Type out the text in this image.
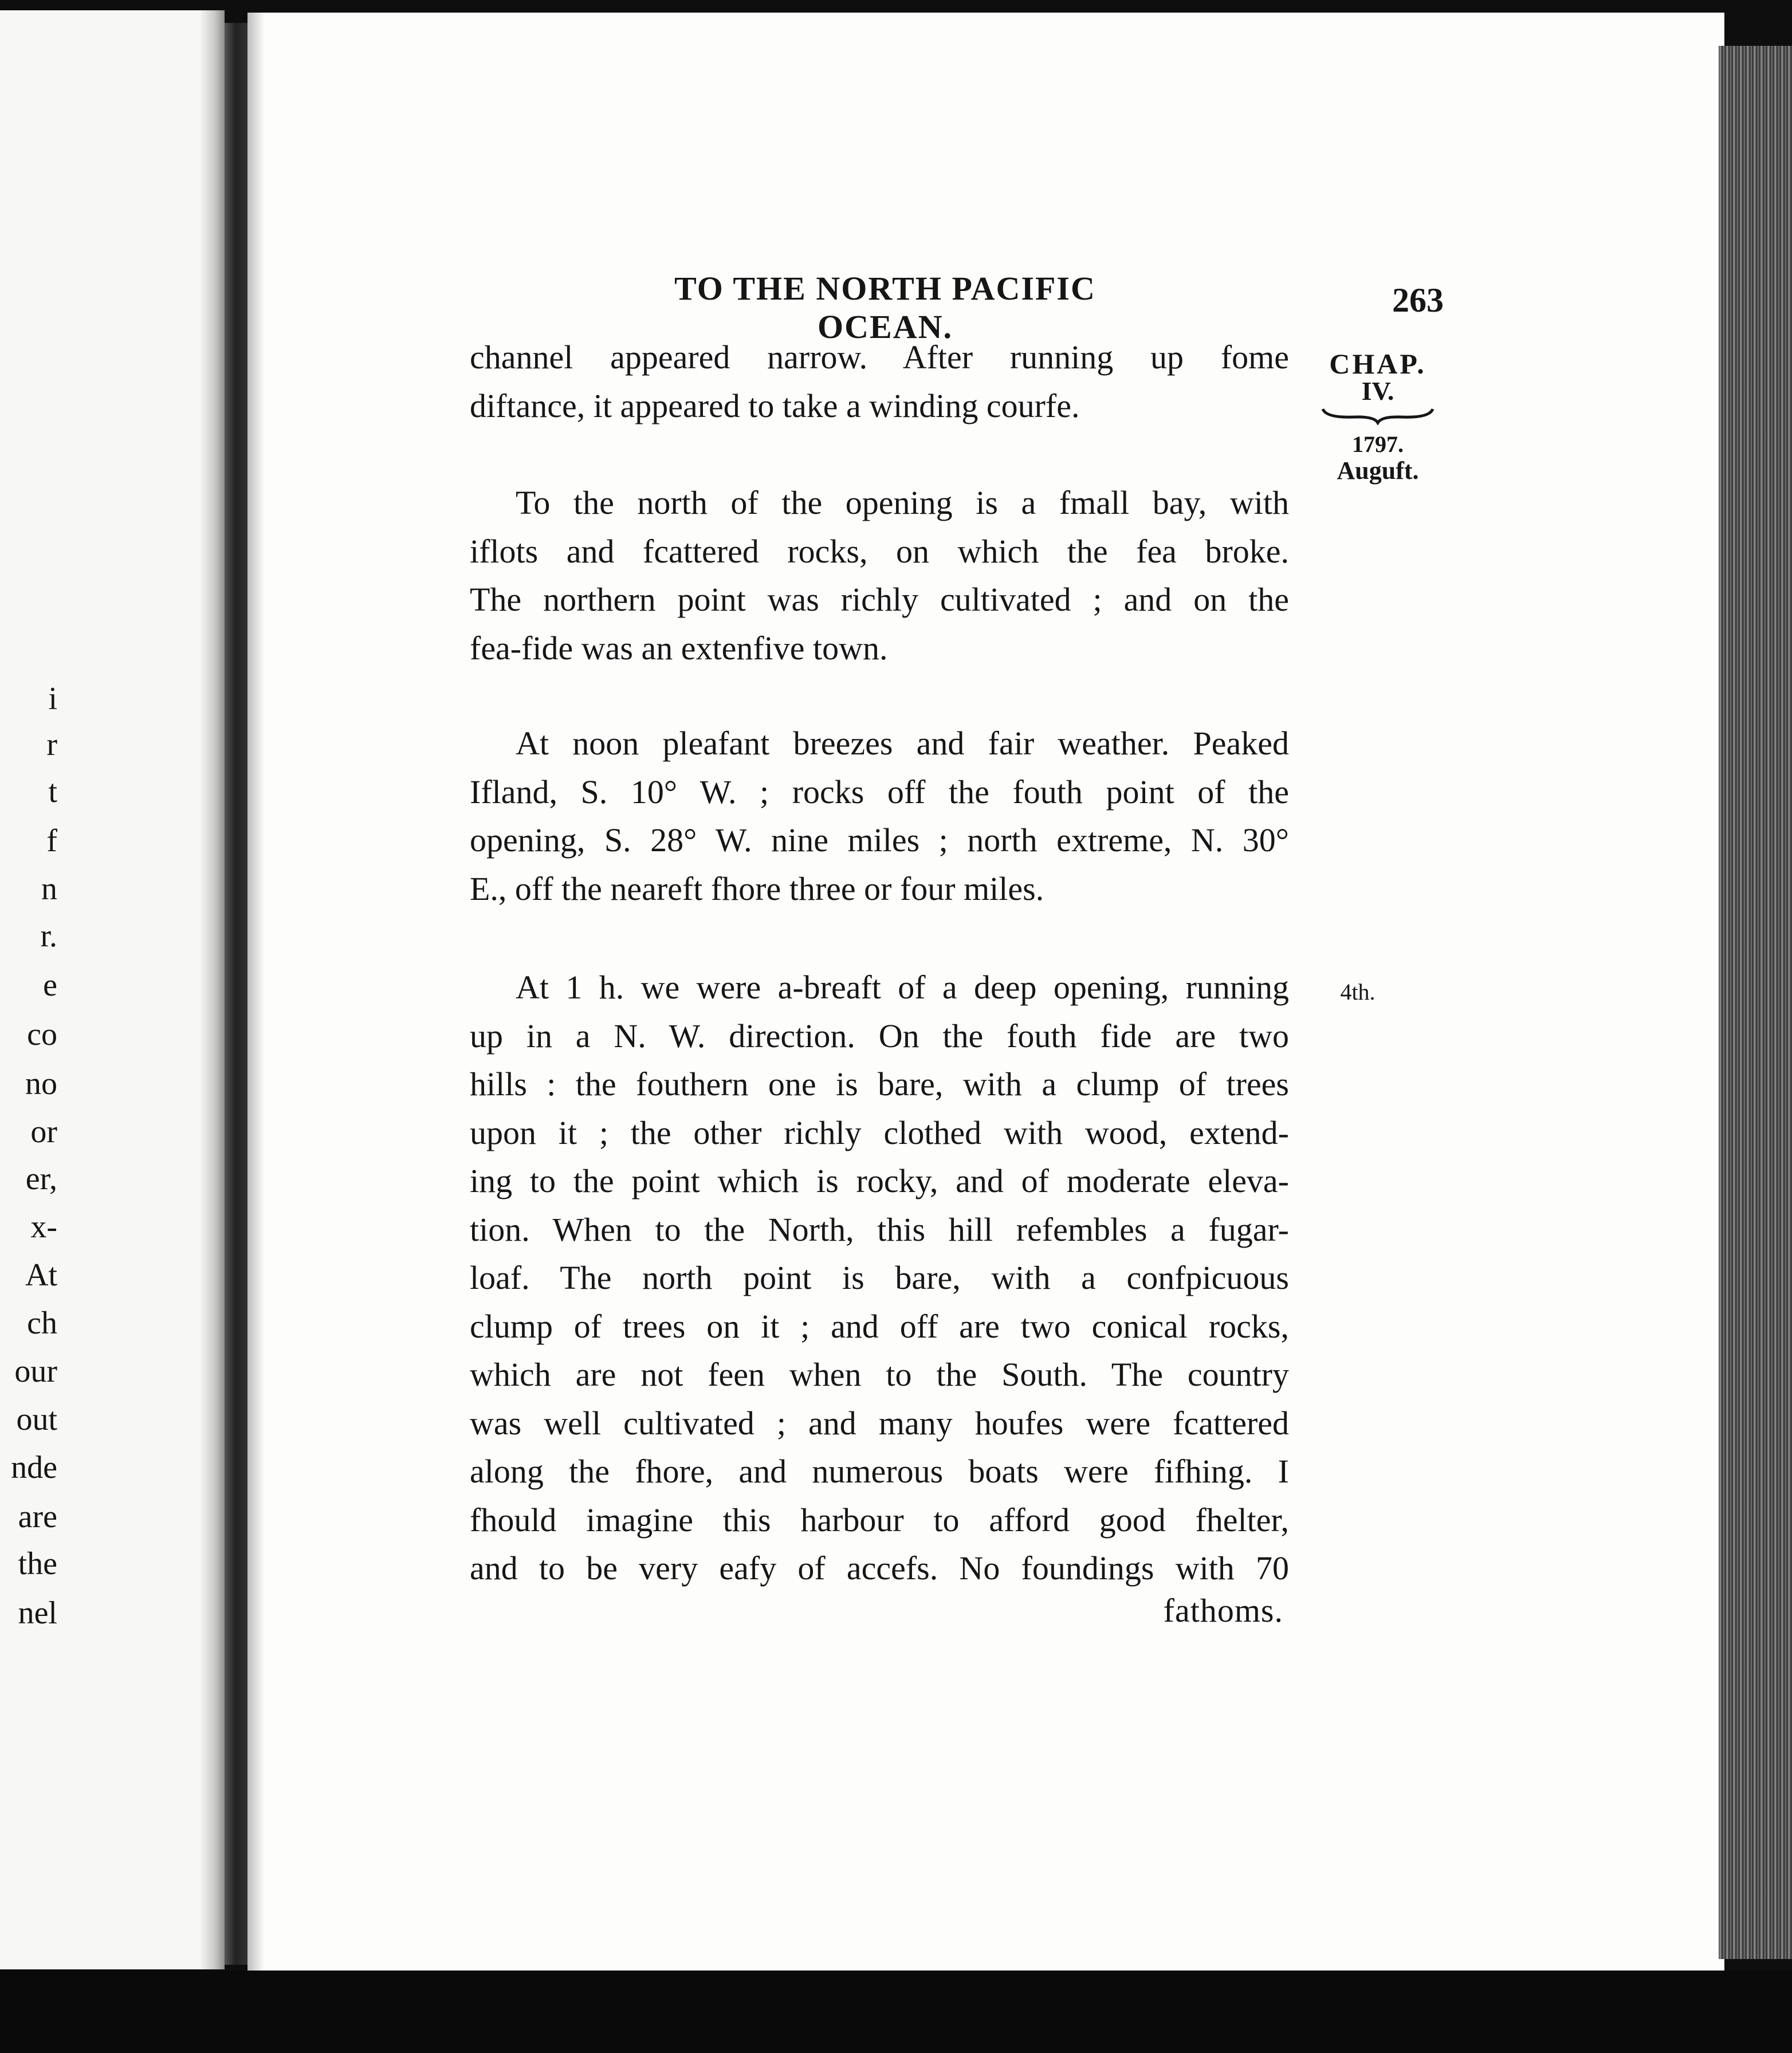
i
r
t
f
n
r.
e
co
no
or
er,
x-
At
ch
our
out
nde
are
the
nel
TO THE NORTH PACIFIC OCEAN.
263
CHAP.
IV.
1797.
Auguft.
4th.
channel appeared narrow. After running up fome
diftance, it appeared to take a winding courfe.
To the north of the opening is a fmall bay, with
iflots and fcattered rocks, on which the fea broke.
The northern point was richly cultivated ; and on the
fea-fide was an extenfive town.
At noon pleafant breezes and fair weather. Peaked
Ifland, S. 10° W. ; rocks off the fouth point of the
opening, S. 28° W. nine miles ; north extreme, N. 30°
E., off the neareft fhore three or four miles.
At 1 h. we were a-breaft of a deep opening, running
up in a N. W. direction. On the fouth fide are two
hills : the fouthern one is bare, with a clump of trees
upon it ; the other richly clothed with wood, extend-
ing to the point which is rocky, and of moderate eleva-
tion. When to the North, this hill refembles a fugar-
loaf. The north point is bare, with a confpicuous
clump of trees on it ; and off are two conical rocks,
which are not feen when to the South. The country
was well cultivated ; and many houfes were fcattered
along the fhore, and numerous boats were fifhing. I
fhould imagine this harbour to afford good fhelter,
and to be very eafy of accefs. No foundings with 70
fathoms.
